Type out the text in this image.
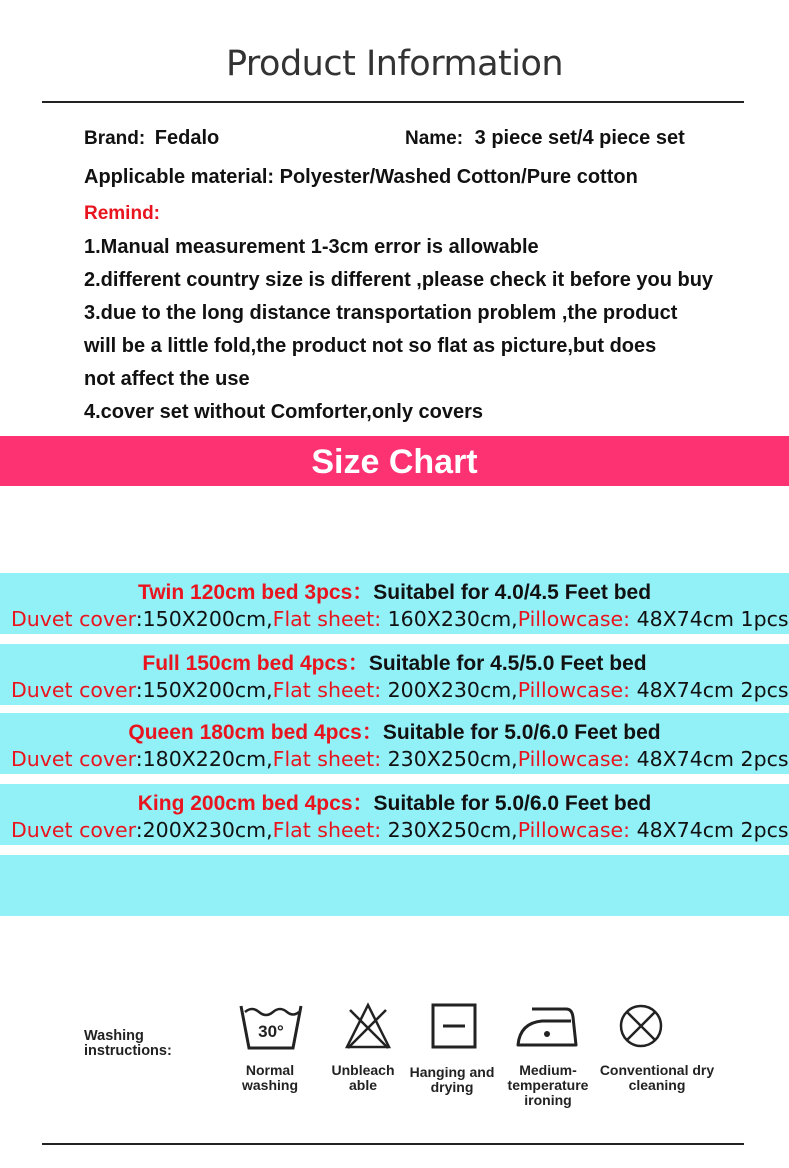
Product Information
Brand: Fedalo	Name: 3 piece set/4 piece set
Applicable material: Polyester/Washed Cotton/Pure cotton
Remind:
1.Manual measurement 1-3cm error is allowable
2.different country size is different ,please check it before you buy
3.due to the long distance transportation problem ,the product
will be a little fold,the product not so flat as picture,but does
not affect the use
4.cover set without Comforter,only covers
Size Chart
Twin 120cm bed 3pcs：Suitabel for 4.0/4.5 Feet bed
Duvet cover:150X200cm,Flat sheet: 160X230cm,Pillowcase: 48X74cm 1pcs
Full 150cm bed 4pcs：Suitable for 4.5/5.0 Feet bed
Duvet cover:150X200cm,Flat sheet: 200X230cm,Pillowcase: 48X74cm 2pcs
Queen 180cm bed 4pcs：Suitable for 5.0/6.0 Feet bed
Duvet cover:180X220cm,Flat sheet: 230X250cm,Pillowcase: 48X74cm 2pcs
King 200cm bed 4pcs：Suitable for 5.0/6.0 Feet bed
Duvet cover:200X230cm,Flat sheet: 230X250cm,Pillowcase: 48X74cm 2pcs
Washing
instructions:
30°
Normal
washing
Unbleach
able
Hanging and
drying
Medium-
temperature
ironing
Conventional dry
cleaning
